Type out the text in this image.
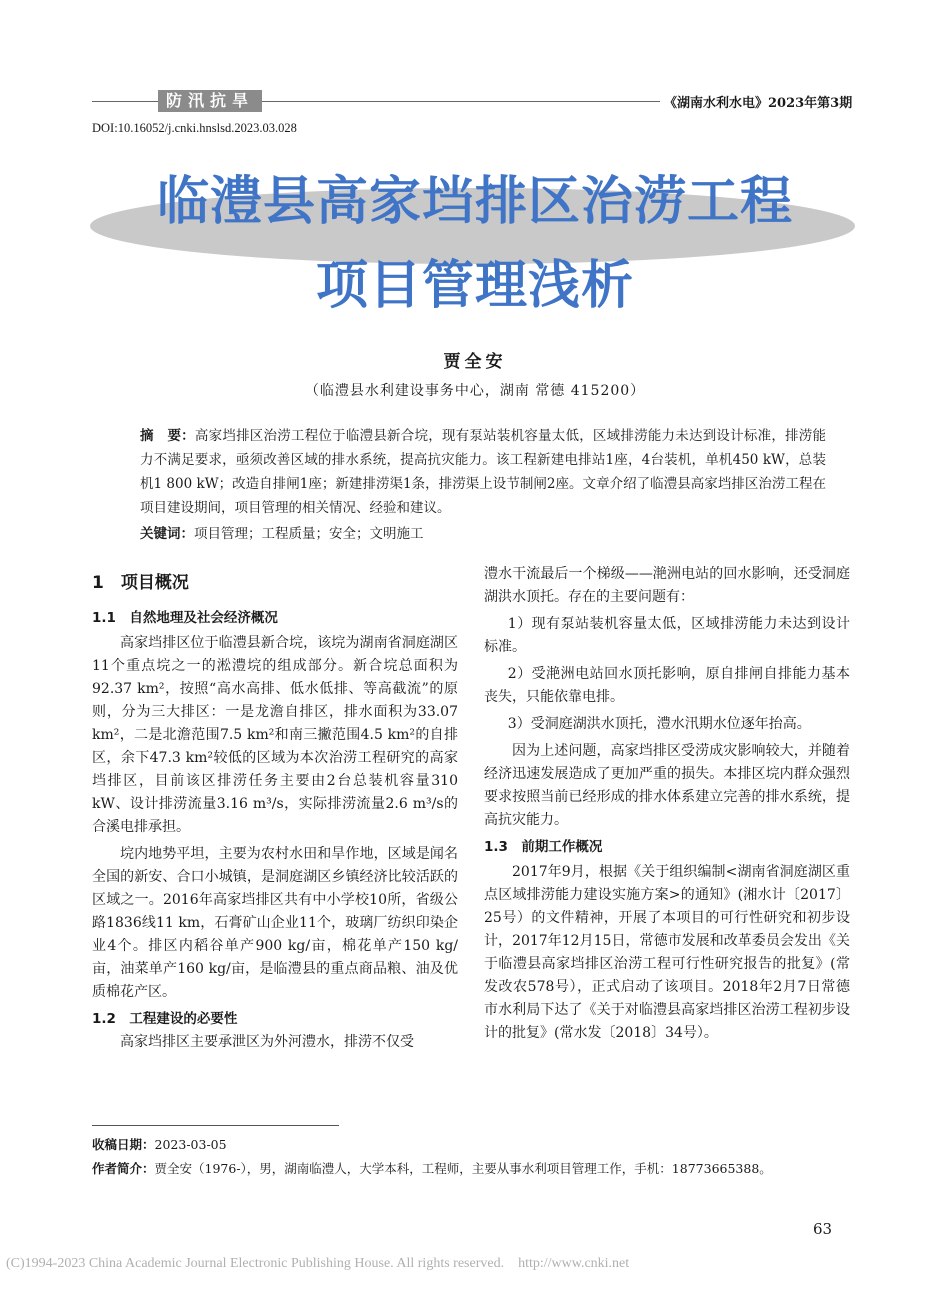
防汛抗旱	《湖南水利水电》2023年第3期
DOI:10.16052/j.cnki.hnslsd.2023.03.028
临澧县高家垱排区治涝工程
项目管理浅析
贾全安
（临澧县水利建设事务中心，湖南 常德 415200）
摘　要：高家垱排区治涝工程位于临澧县新合垸，现有泵站装机容量太低，区域排涝能力未达到设计标准，排涝能力不满足要求，亟须改善区域的排水系统，提高抗灾能力。该工程新建电排站1座，4台装机，单机450 kW，总装机1 800 kW；改造自排闸1座；新建排涝渠1条，排涝渠上设节制闸2座。文章介绍了临澧县高家垱排区治涝工程在项目建设期间，项目管理的相关情况、经验和建议。
关键词：项目管理；工程质量；安全；文明施工
1　项目概况
1.1　自然地理及社会经济概况

高家垱排区位于临澧县新合垸，该垸为湖南省洞庭湖区11个重点垸之一的淞澧垸的组成部分。新合垸总面积为92.37 km²，按照“高水高排、低水低排、等高截流”的原则，分为三大排区：一是龙澹自排区，排水面积为33.07 km²，二是北澹范围7.5 km²和南三撇范围4.5 km²的自排区，余下47.3 km²较低的区域为本次治涝工程研究的高家垱排区，目前该区排涝任务主要由2台总装机容量310 kW、设计排涝流量3.16 m³/s，实际排涝流量2.6 m³/s的合溪电排承担。

垸内地势平坦，主要为农村水田和旱作地，区域是闻名全国的新安、合口小城镇，是洞庭湖区乡镇经济比较活跃的区域之一。2016年高家垱排区共有中小学校10所，省级公路1836线11 km，石膏矿山企业11个，玻璃厂纺织印染企业4个。排区内稻谷单产900 kg/亩，棉花单产150 kg/亩，油菜单产160 kg/亩，是临澧县的重点商品粮、油及优质棉花产区。

1.2　工程建设的必要性

高家垱排区主要承泄区为外河澧水，排涝不仅受

澧水干流最后一个梯级——滟洲电站的回水影响，还受洞庭湖洪水顶托。存在的主要问题有：

1）现有泵站装机容量太低，区域排涝能力未达到设计标准。

2）受滟洲电站回水顶托影响，原自排闸自排能力基本丧失，只能依靠电排。

3）受洞庭湖洪水顶托，澧水汛期水位逐年抬高。

因为上述问题，高家垱排区受涝成灾影响较大，并随着经济迅速发展造成了更加严重的损失。本排区垸内群众强烈要求按照当前已经形成的排水体系建立完善的排水系统，提高抗灾能力。

1.3　前期工作概况

2017年9月，根据《关于组织编制<湖南省洞庭湖区重点区域排涝能力建设实施方案>的通知》(湘水计〔2017〕25号）的文件精神，开展了本项目的可行性研究和初步设计，2017年12月15日，常德市发展和改革委员会发出《关于临澧县高家垱排区治涝工程可行性研究报告的批复》(常发改农578号），正式启动了该项目。2018年2月7日常德市水利局下达了《关于对临澧县高家垱排区治涝工程初步设计的批复》(常水发〔2018〕34号）。

收稿日期：2023-03-05
作者简介：贾全安（1976-），男，湖南临澧人，大学本科，工程师，主要从事水利项目管理工作，手机：18773665388。
63
(C)1994-2023 China Academic Journal Electronic Publishing House. All rights reserved.　http://www.cnki.net
